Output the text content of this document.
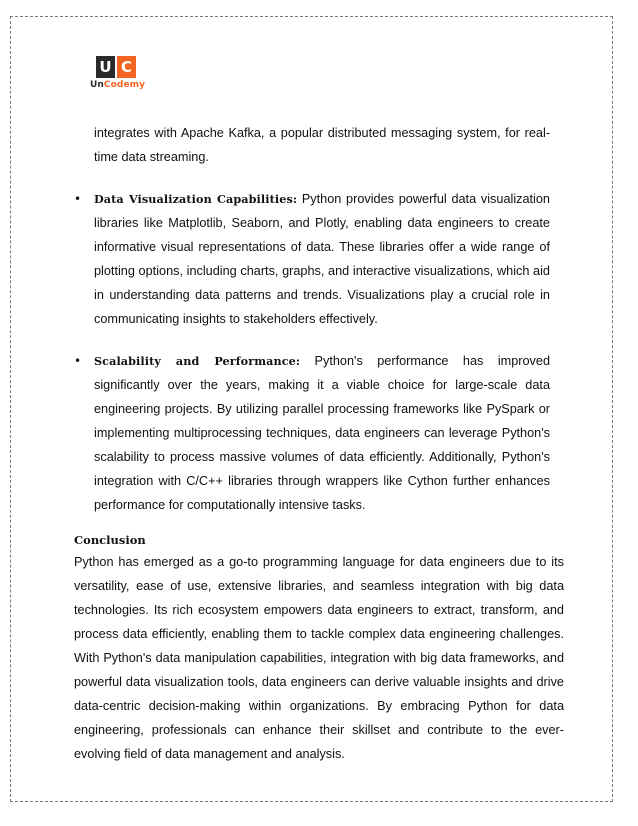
U C
UnCodemy

integrates with Apache Kafka, a popular distributed messaging system, for real-time data streaming.

• Data Visualization Capabilities: Python provides powerful data visualization libraries like Matplotlib, Seaborn, and Plotly, enabling data engineers to create informative visual representations of data. These libraries offer a wide range of plotting options, including charts, graphs, and interactive visualizations, which aid in understanding data patterns and trends. Visualizations play a crucial role in communicating insights to stakeholders effectively.
• Scalability and Performance: Python's performance has improved significantly over the years, making it a viable choice for large-scale data engineering projects. By utilizing parallel processing frameworks like PySpark or implementing multiprocessing techniques, data engineers can leverage Python's scalability to process massive volumes of data efficiently. Additionally, Python's integration with C/C++ libraries through wrappers like Cython further enhances performance for computationally intensive tasks.
Conclusion

Python has emerged as a go-to programming language for data engineers due to its versatility, ease of use, extensive libraries, and seamless integration with big data technologies. Its rich ecosystem empowers data engineers to extract, transform, and process data efficiently, enabling them to tackle complex data engineering challenges. With Python's data manipulation capabilities, integration with big data frameworks, and powerful data visualization tools, data engineers can derive valuable insights and drive data-centric decision-making within organizations. By embracing Python for data engineering, professionals can enhance their skillset and contribute to the ever-evolving field of data management and analysis.
